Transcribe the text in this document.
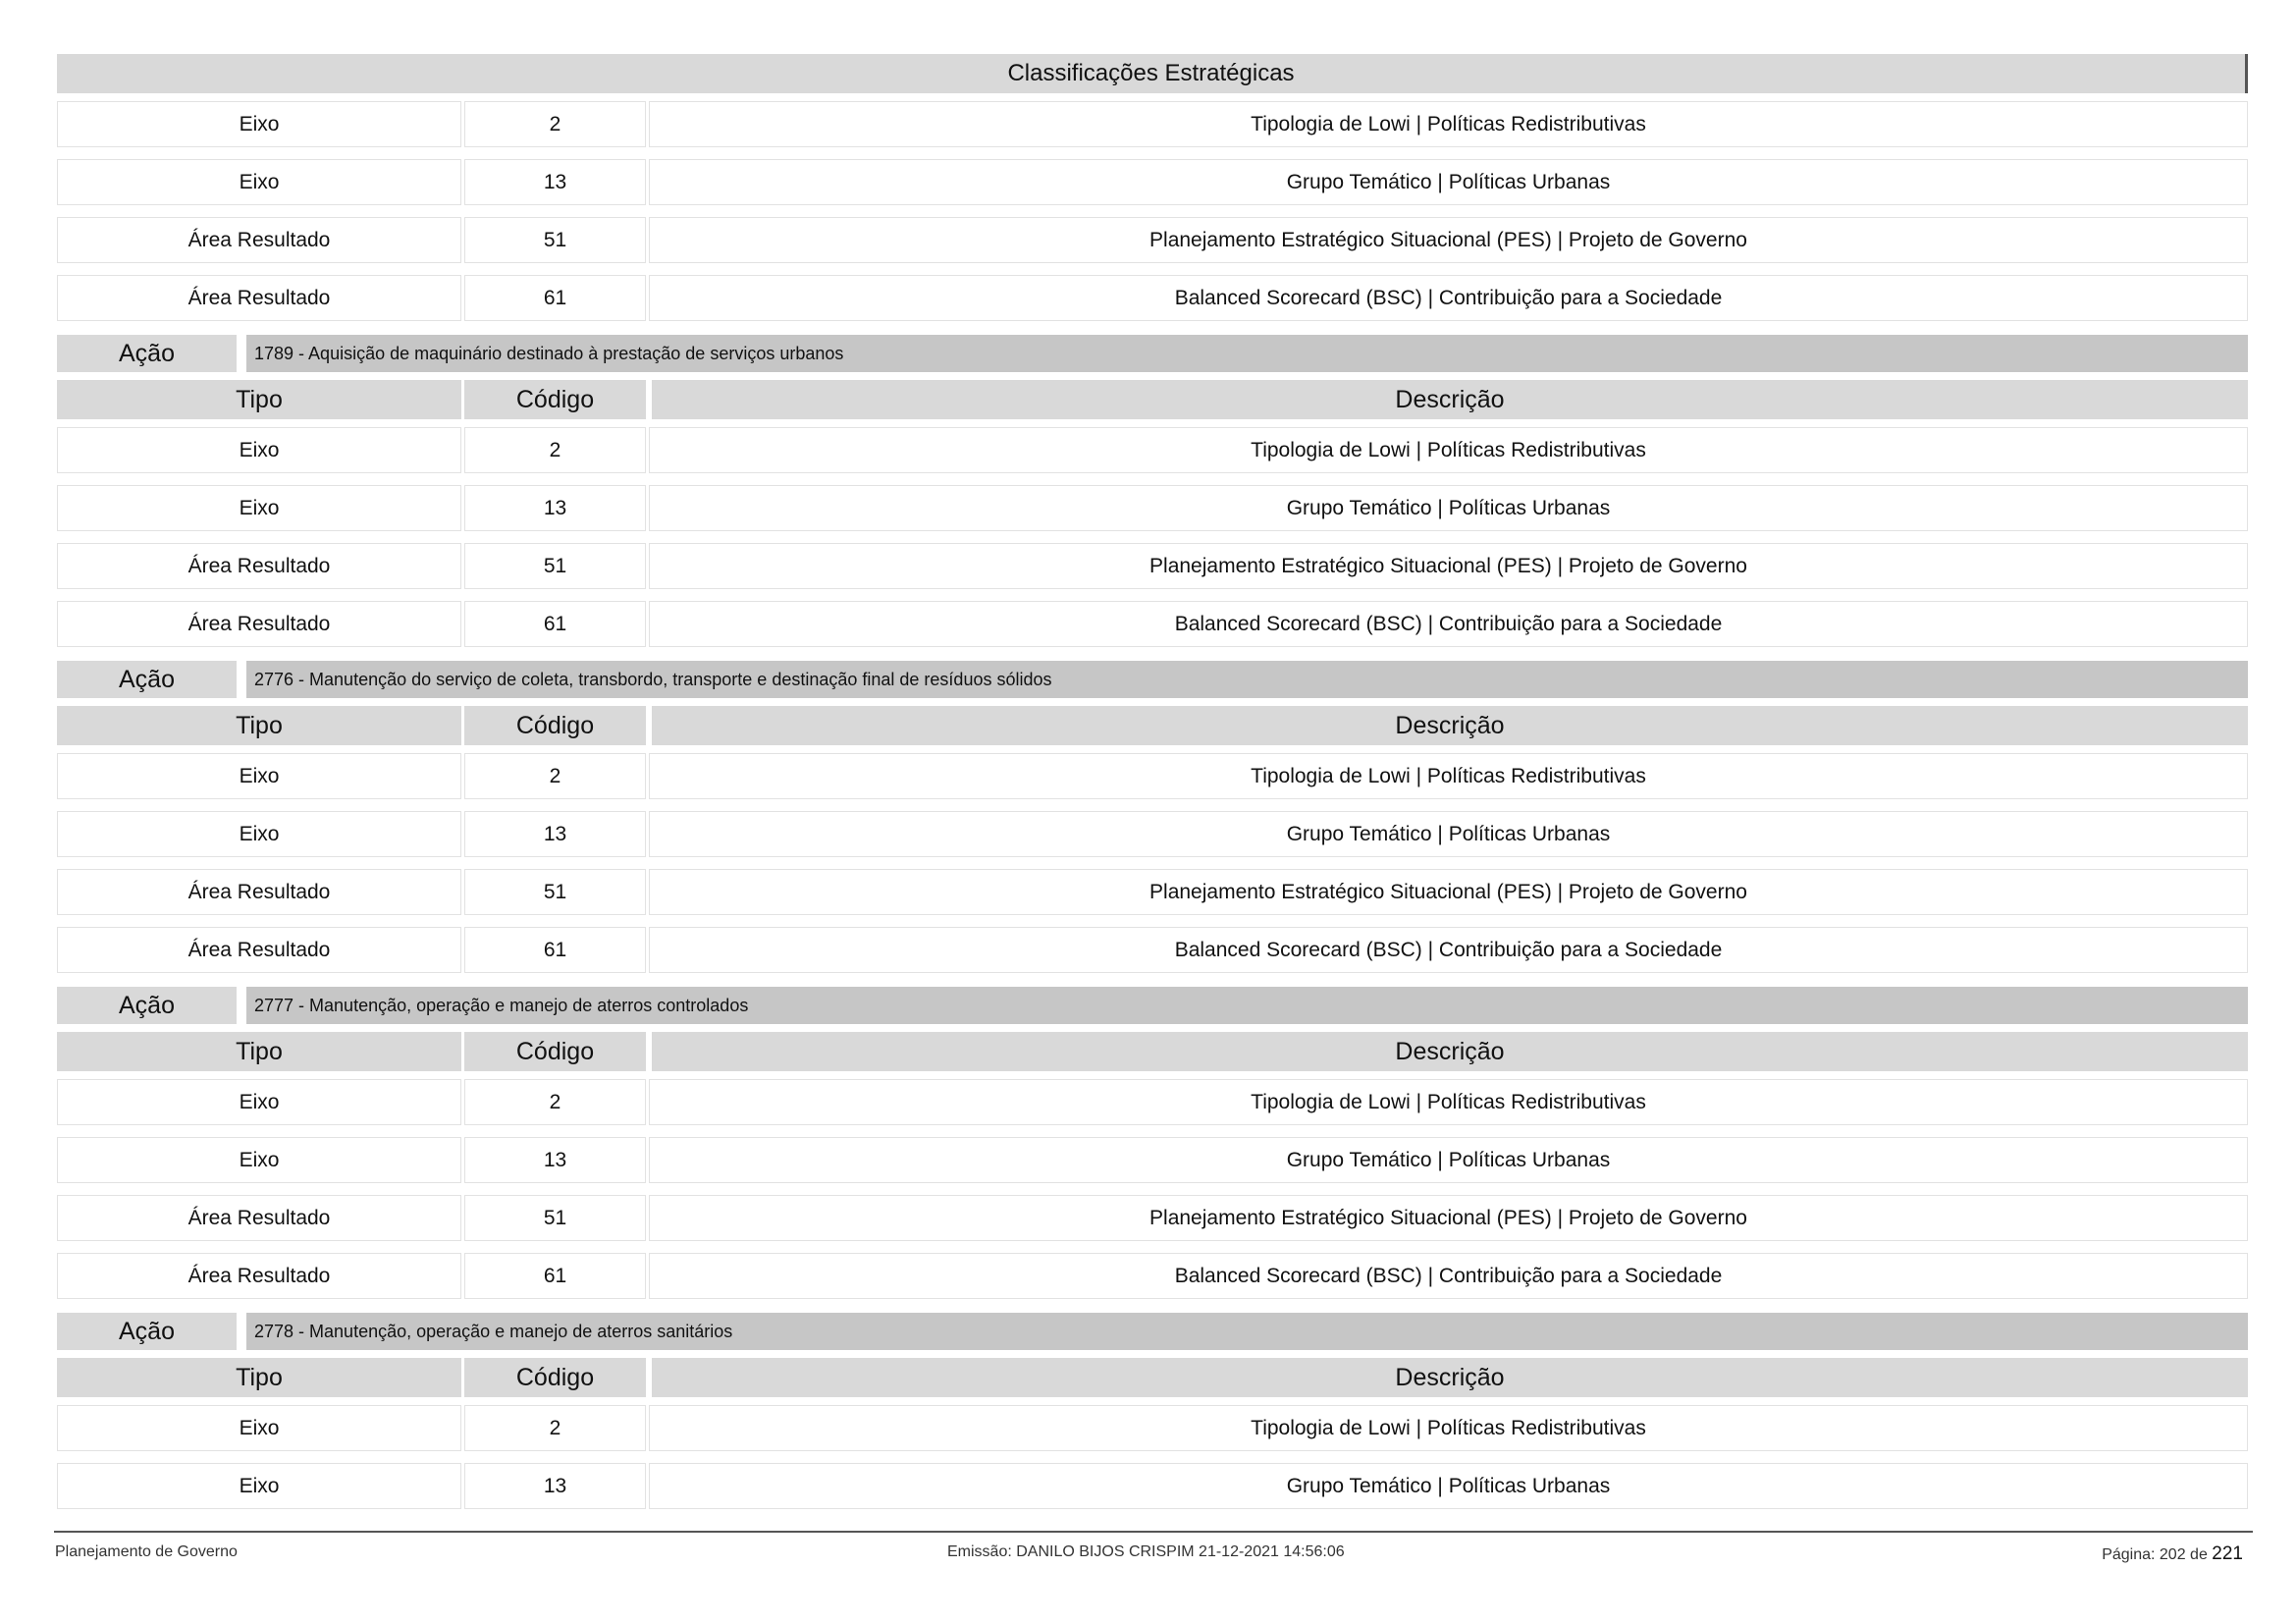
Classificações Estratégicas
Eixo	2	Tipologia de Lowi | Políticas Redistributivas
Eixo	13	Grupo Temático | Políticas Urbanas
Área Resultado	51	Planejamento Estratégico Situacional (PES) | Projeto de Governo
Área Resultado	61	Balanced Scorecard (BSC) | Contribuição para a Sociedade
Ação	1789 - Aquisição de maquinário destinado à prestação de serviços urbanos
Tipo	Código	Descrição
Eixo	2	Tipologia de Lowi | Políticas Redistributivas
Eixo	13	Grupo Temático | Políticas Urbanas
Área Resultado	51	Planejamento Estratégico Situacional (PES) | Projeto de Governo
Área Resultado	61	Balanced Scorecard (BSC) | Contribuição para a Sociedade
Ação	2776 - Manutenção do serviço de coleta, transbordo, transporte e destinação final de resíduos sólidos
Tipo	Código	Descrição
Eixo	2	Tipologia de Lowi | Políticas Redistributivas
Eixo	13	Grupo Temático | Políticas Urbanas
Área Resultado	51	Planejamento Estratégico Situacional (PES) | Projeto de Governo
Área Resultado	61	Balanced Scorecard (BSC) | Contribuição para a Sociedade
Ação	2777 - Manutenção, operação e manejo de aterros controlados
Tipo	Código	Descrição
Eixo	2	Tipologia de Lowi | Políticas Redistributivas
Eixo	13	Grupo Temático | Políticas Urbanas
Área Resultado	51	Planejamento Estratégico Situacional (PES) | Projeto de Governo
Área Resultado	61	Balanced Scorecard (BSC) | Contribuição para a Sociedade
Ação	2778 - Manutenção, operação e manejo de aterros sanitários
Tipo	Código	Descrição
Eixo	2	Tipologia de Lowi | Políticas Redistributivas
Eixo	13	Grupo Temático | Políticas Urbanas
Planejamento de Governo	Emissão: DANILO BIJOS CRISPIM 21-12-2021 14:56:06	Página: 202 de 221
